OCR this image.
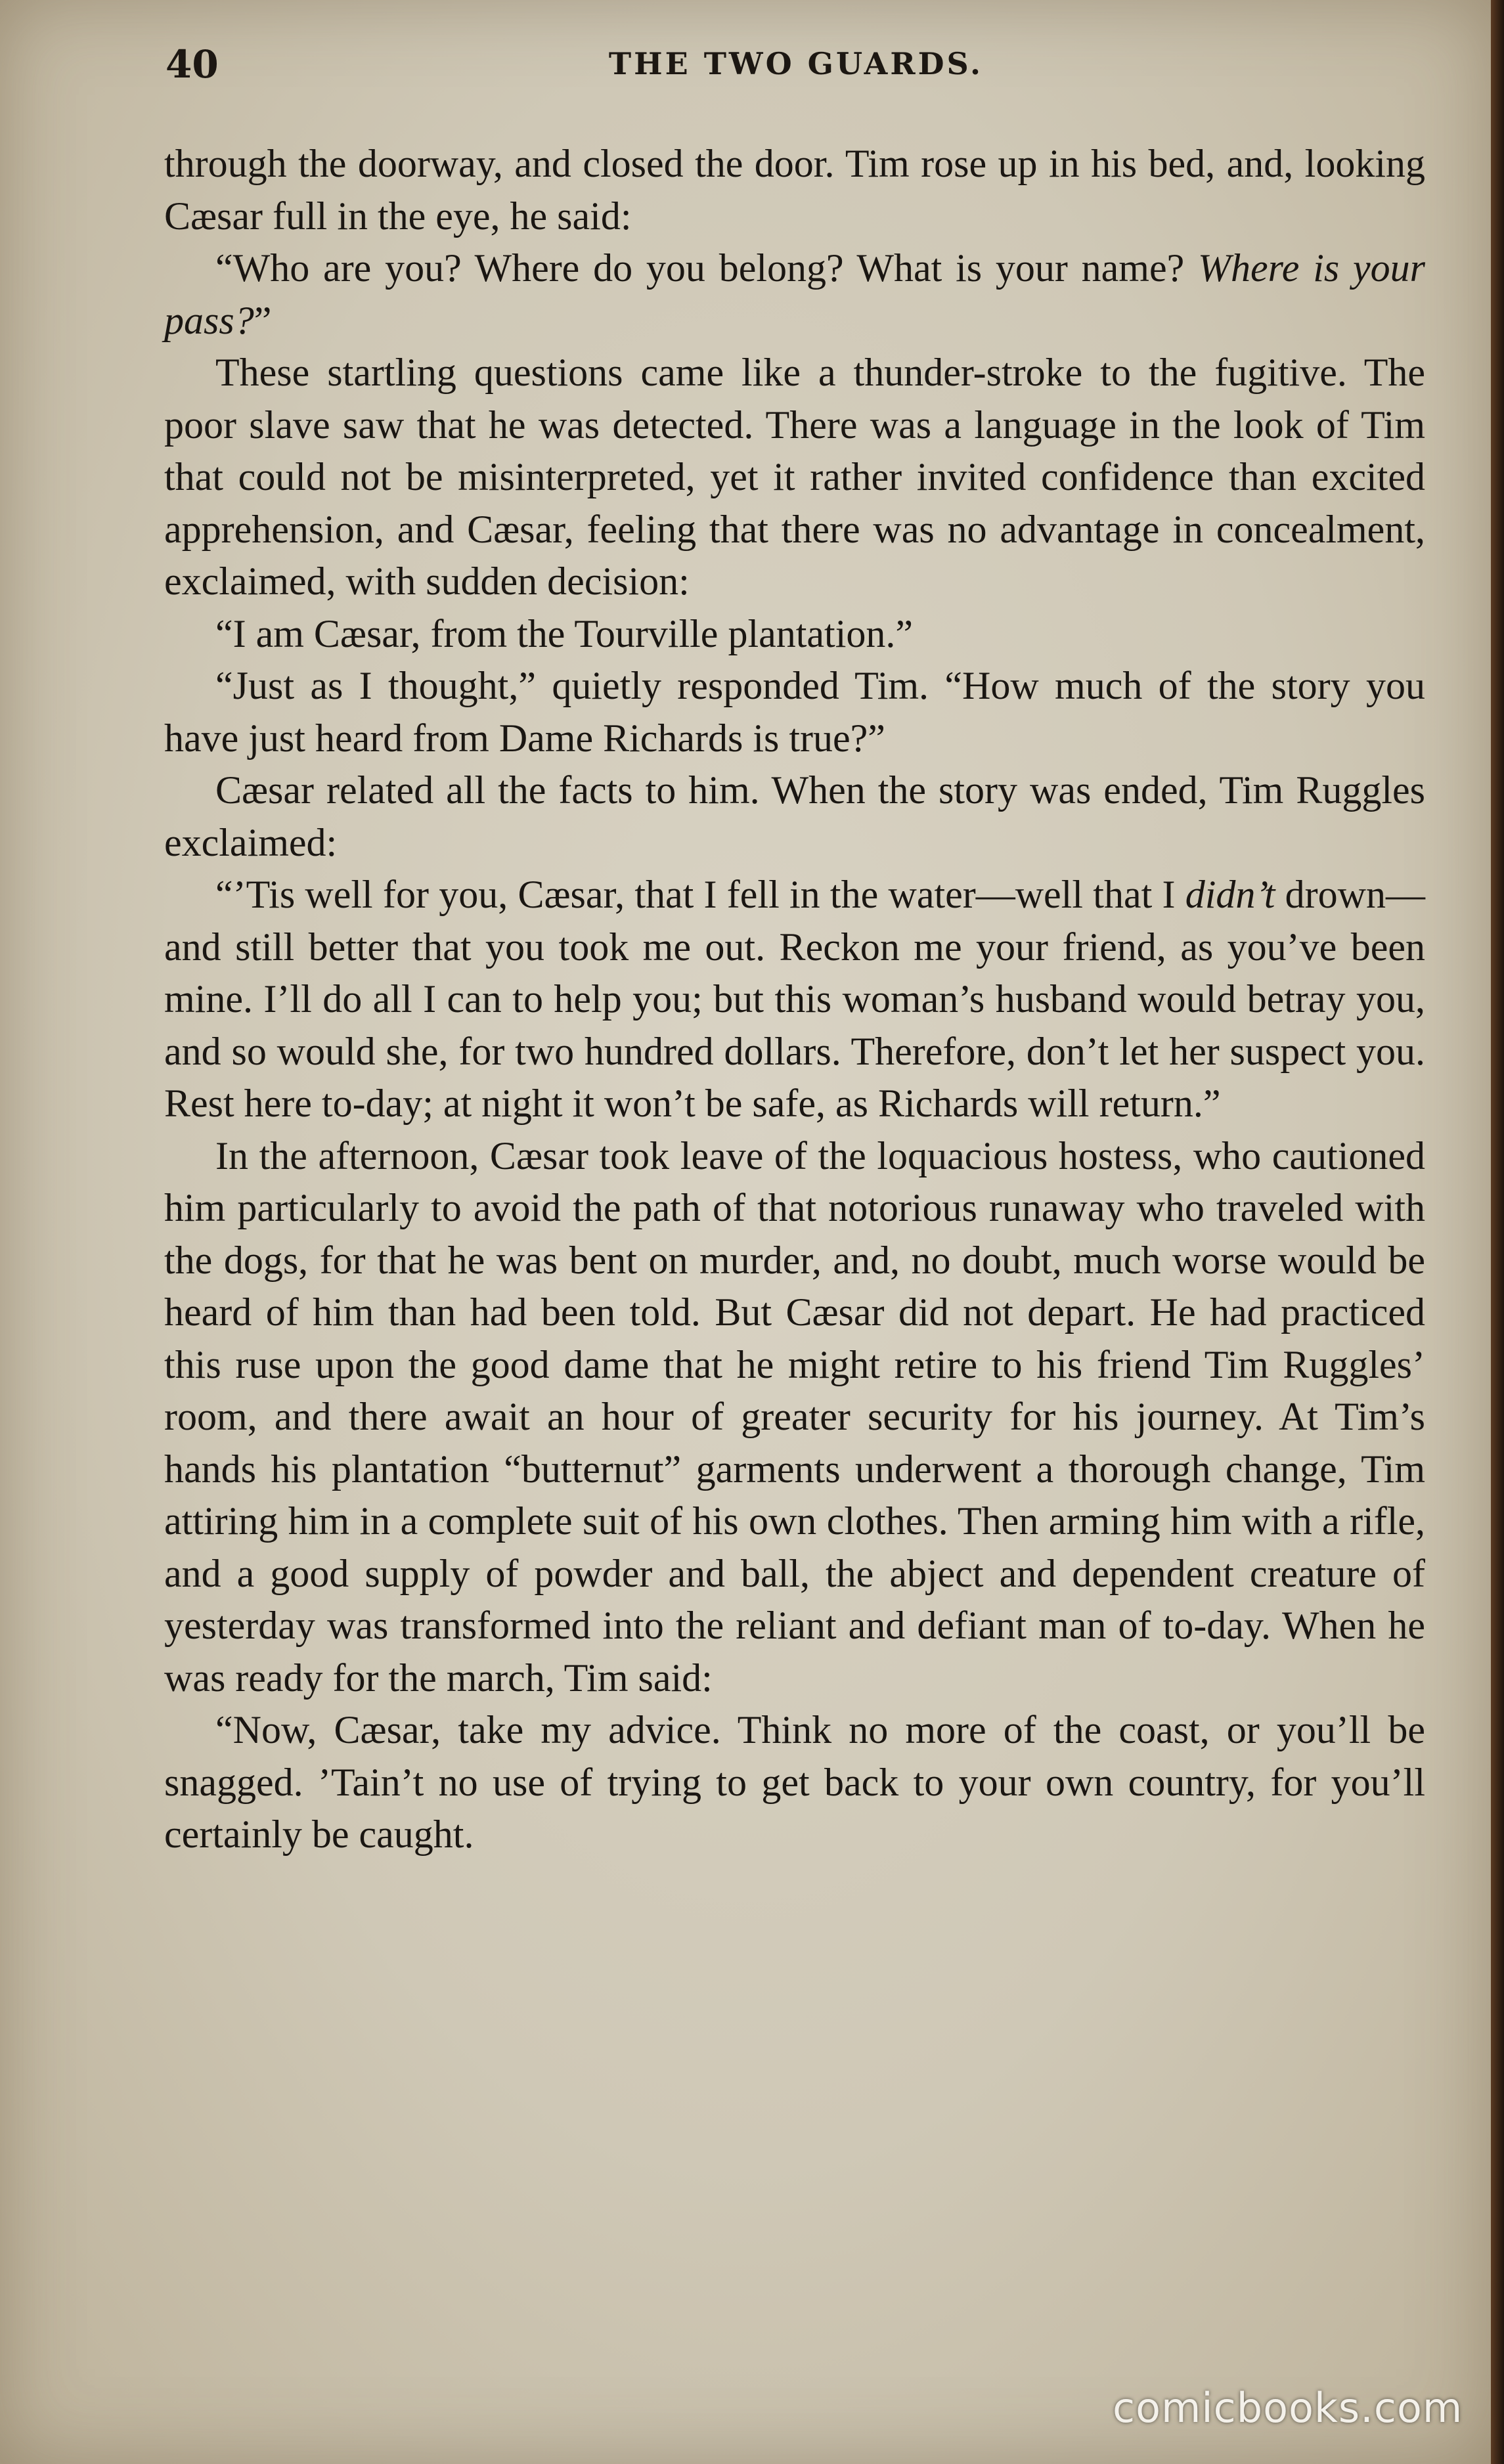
40	THE TWO GUARDS.

through the doorway, and closed the door. Tim rose up in his bed, and, looking Cæsar full in the eye, he said:

“Who are you? Where do you belong? What is your name? Where is your pass?”

These startling questions came like a thunder-stroke to the fugitive. The poor slave saw that he was detected. There was a language in the look of Tim that could not be misinterpreted, yet it rather invited confidence than excited apprehension, and Cæsar, feeling that there was no advantage in concealment, exclaimed, with sudden decision:

“I am Cæsar, from the Tourville plantation.”

“Just as I thought,” quietly responded Tim. “How much of the story you have just heard from Dame Richards is true?”

Cæsar related all the facts to him. When the story was ended, Tim Ruggles exclaimed:

“’Tis well for you, Cæsar, that I fell in the water—well that I didn’t drown—and still better that you took me out. Reckon me your friend, as you’ve been mine. I’ll do all I can to help you; but this woman’s husband would betray you, and so would she, for two hundred dollars. Therefore, don’t let her suspect you. Rest here to-day; at night it won’t be safe, as Richards will return.”

In the afternoon, Cæsar took leave of the loquacious hostess, who cautioned him particularly to avoid the path of that notorious runaway who traveled with the dogs, for that he was bent on murder, and, no doubt, much worse would be heard of him than had been told. But Cæsar did not depart. He had practiced this ruse upon the good dame that he might retire to his friend Tim Ruggles’ room, and there await an hour of greater security for his journey. At Tim’s hands his plantation “butternut” garments underwent a thorough change, Tim attiring him in a complete suit of his own clothes. Then arming him with a rifle, and a good supply of powder and ball, the abject and dependent creature of yesterday was transformed into the reliant and defiant man of to-day. When he was ready for the march, Tim said:

“Now, Cæsar, take my advice. Think no more of the coast, or you’ll be snagged. ’Tain’t no use of trying to get back to your own country, for you’ll certainly be caught.

comicbooks.com
